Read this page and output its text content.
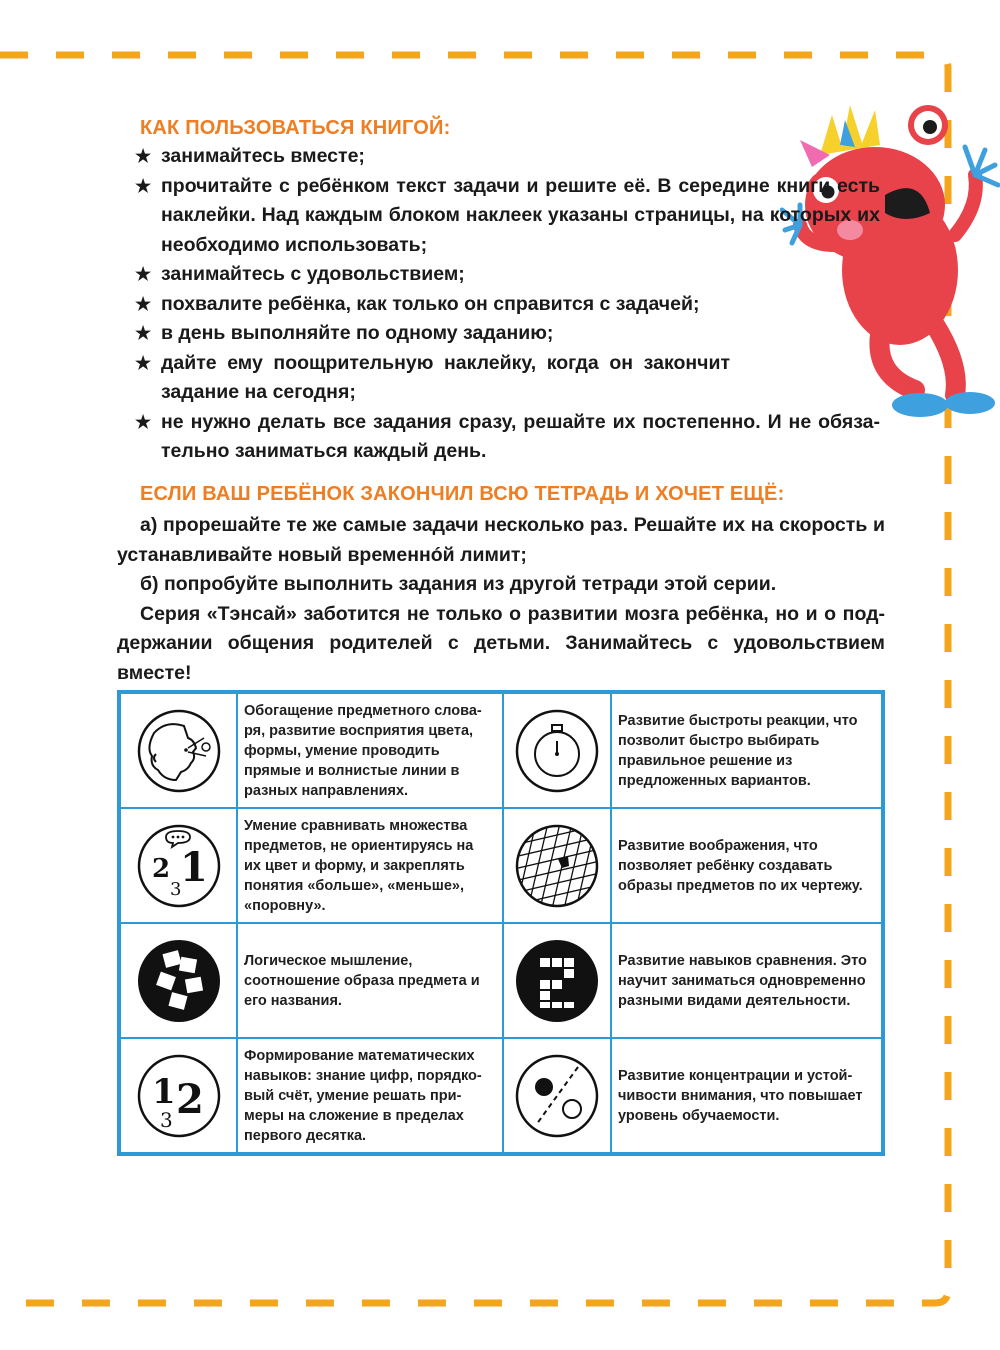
КАК ПОЛЬЗОВАТЬСЯ КНИГОЙ:
★ занимайтесь вместе;
★ прочитайте с ребёнком текст задачи и решите её. В середине книги есть наклейки. Над каждым блоком наклеек указаны страницы, на которых их необходимо использовать;
★ занимайтесь с удовольствием;
★ похвалите ребёнка, как только он справится с задачей;
★ в день выполняйте по одному заданию;
★ дайте ему поощрительную наклейку, когда он закончит задание на сегодня;
★ не нужно делать все задания сразу, решайте их постепенно. И не обязательно заниматься каждый день.
ЕСЛИ ВАШ РЕБЁНОК ЗАКОНЧИЛ ВСЮ ТЕТРАДЬ И ХОЧЕТ ЕЩЁ:

а) прорешайте те же самые задачи несколько раз. Решайте их на скорость и устанавливайте новый временнóй лимит;

б) попробуйте выполнить задания из другой тетради этой серии.

Серия «Тэнсай» заботится не только о развитии мозга ребёнка, но и о поддержании общения родителей с детьми. Занимайтесь с удовольствием вместе!

Обогащение предметного словаря, развитие восприятия цвета, формы, умение проводить прямые и волнистые линии в разных направлениях.
Развитие быстроты реакции, что позволит быстро выбирать правильное решение из предложенных вариантов.
2 1
3
Умение сравнивать множества предметов, не ориентируясь на их цвет и форму, и закреплять понятия «больше», «меньше», «поровну».
Развитие воображения, что позволяет ребёнку создавать образы предметов по их чертежу.
Логическое мышление, соотношение образа предмета и его названия.
Развитие навыков сравнения. Это научит заниматься одновременно разными видами деятельности.
1 2
3
Формирование математических навыков: знание цифр, порядковый счёт, умение решать примеры на сложение в пределах первого десятка.
Развитие концентрации и устойчивости внимания, что повышает уровень обучаемости.
